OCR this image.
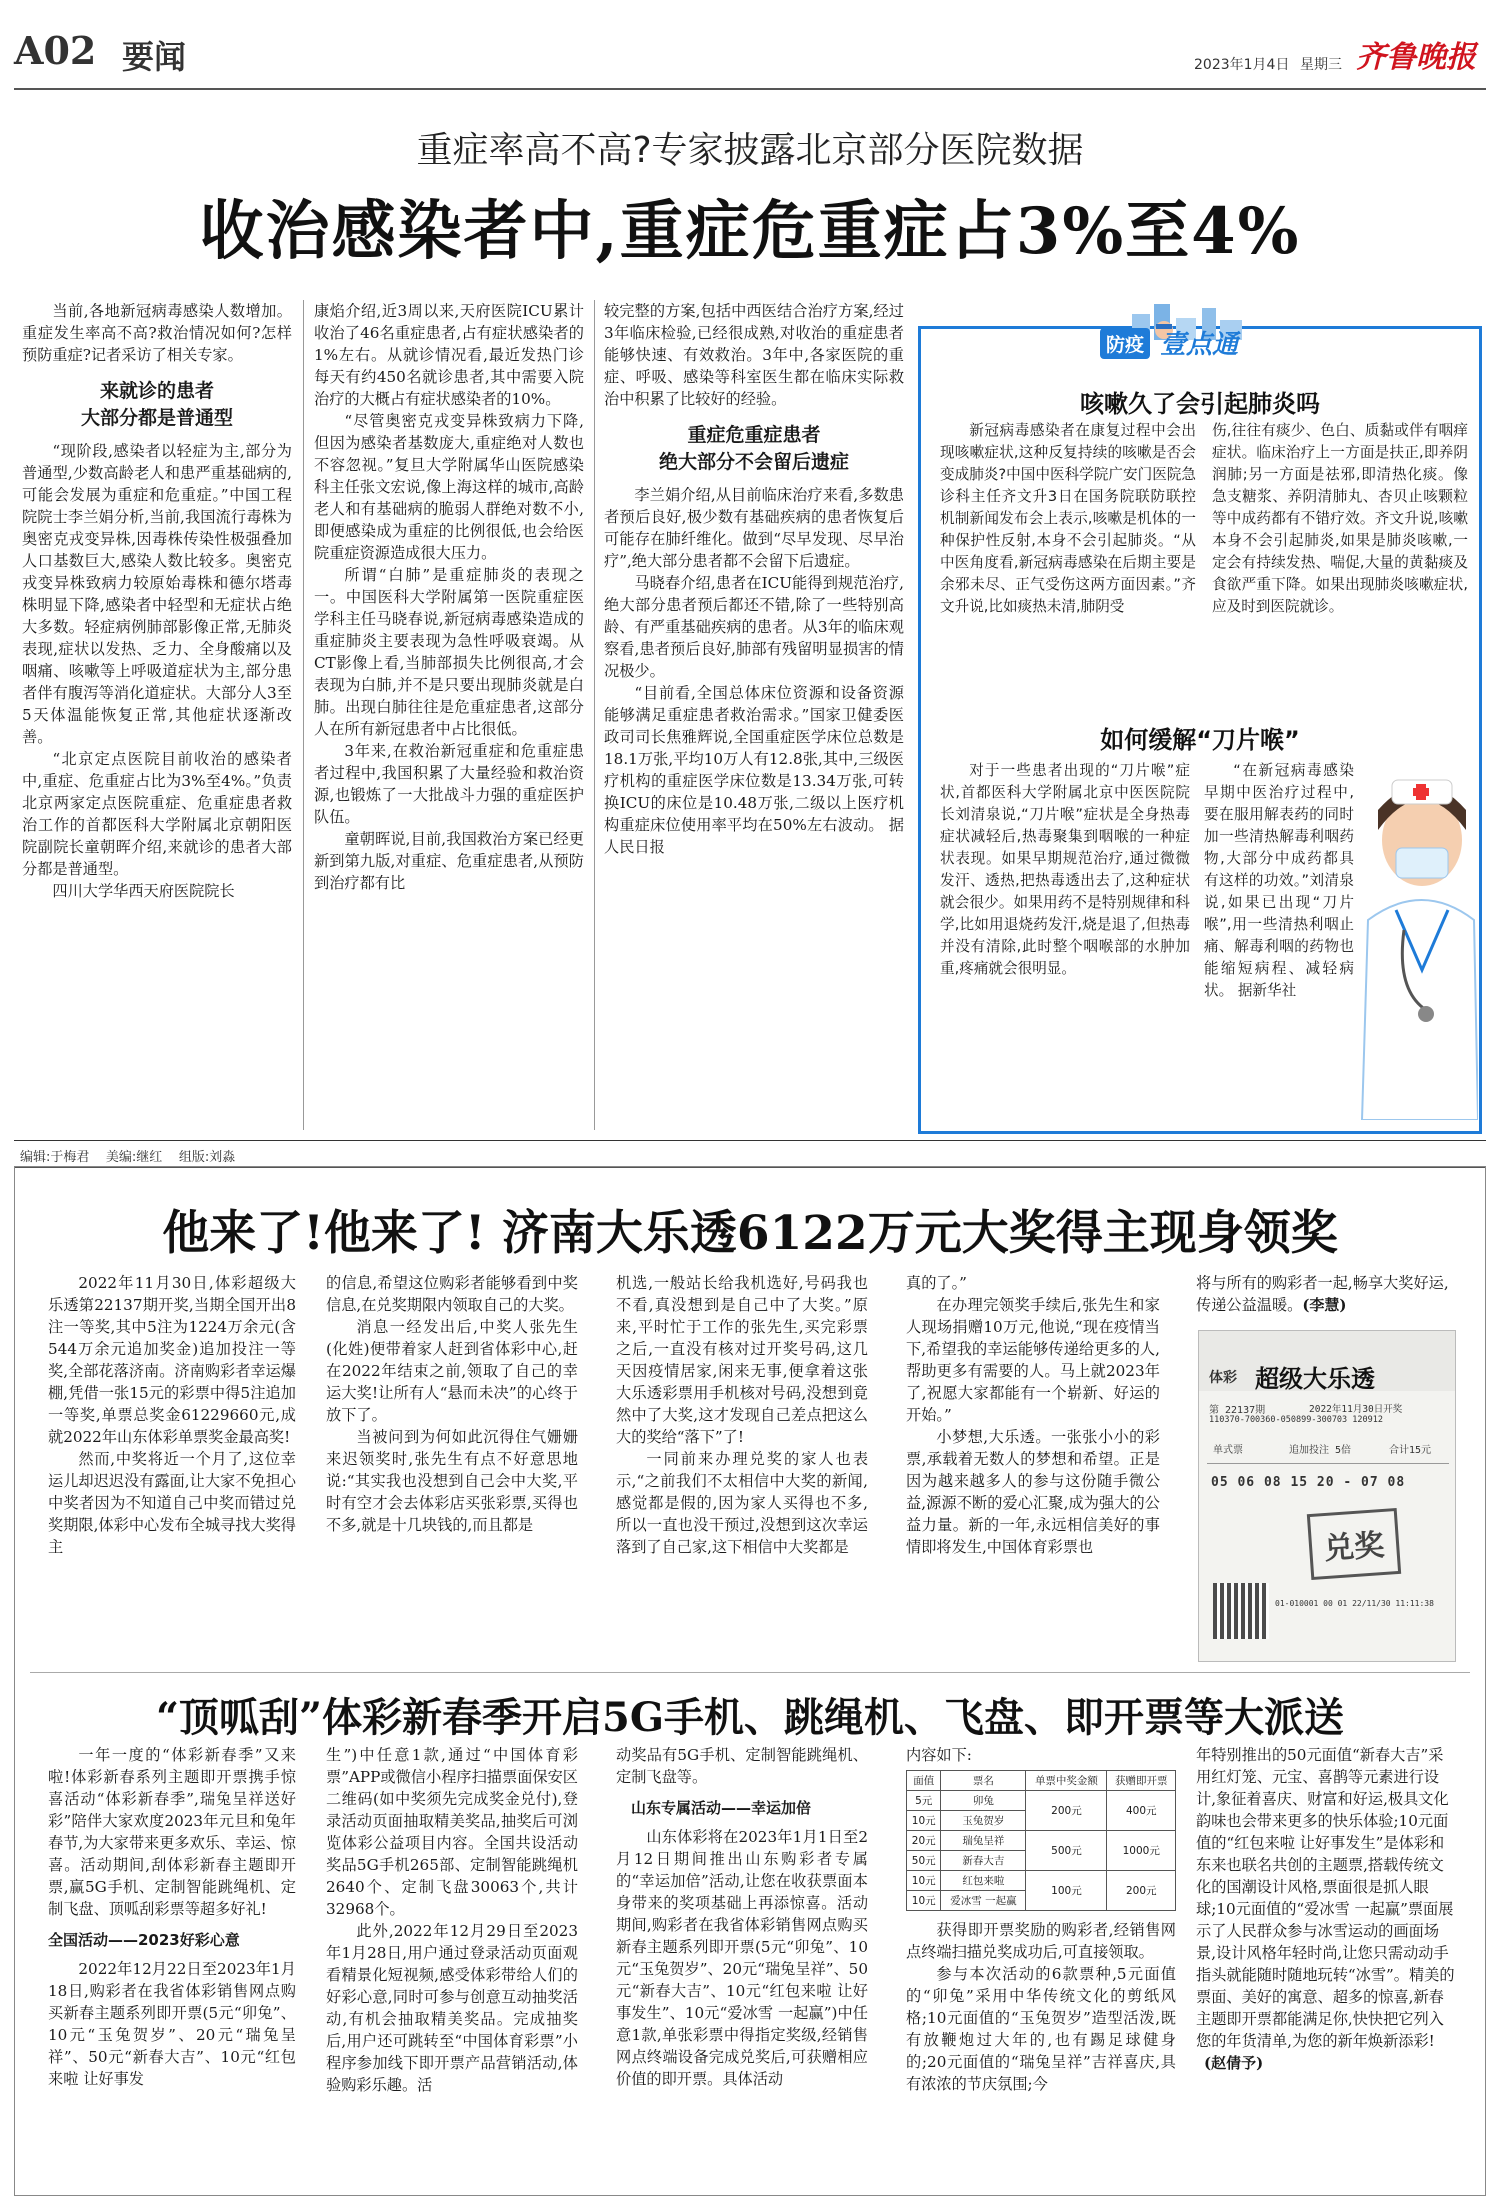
A02 要闻	2023年1月4日 星期三 齐鲁晚报
重症率高不高?专家披露北京部分医院数据
收治感染者中,重症危重症占3%至4%

当前,各地新冠病毒感染人数增加。重症发生率高不高?救治情况如何?怎样预防重症?记者采访了相关专家。

来就诊的患者
大部分都是普通型

“现阶段,感染者以轻症为主,部分为普通型,少数高龄老人和患严重基础病的,可能会发展为重症和危重症。”中国工程院院士李兰娟分析,当前,我国流行毒株为奥密克戎变异株,因毒株传染性极强叠加人口基数巨大,感染人数比较多。奥密克戎变异株致病力较原始毒株和德尔塔毒株明显下降,感染者中轻型和无症状占绝大多数。轻症病例肺部影像正常,无肺炎表现,症状以发热、乏力、全身酸痛以及咽痛、咳嗽等上呼吸道症状为主,部分患者伴有腹泻等消化道症状。大部分人3至5天体温能恢复正常,其他症状逐渐改善。

“北京定点医院目前收治的感染者中,重症、危重症占比为3%至4%。”负责北京两家定点医院重症、危重症患者救治工作的首都医科大学附属北京朝阳医院副院长童朝晖介绍,来就诊的患者大部分都是普通型。

四川大学华西天府医院院长

康焰介绍,近3周以来,天府医院ICU累计收治了46名重症患者,占有症状感染者的1%左右。从就诊情况看,最近发热门诊每天有约450名就诊患者,其中需要入院治疗的大概占有症状感染者的10%。

“尽管奥密克戎变异株致病力下降,但因为感染者基数庞大,重症绝对人数也不容忽视。”复旦大学附属华山医院感染科主任张文宏说,像上海这样的城市,高龄老人和有基础病的脆弱人群绝对数不小,即便感染成为重症的比例很低,也会给医院重症资源造成很大压力。

所谓“白肺”是重症肺炎的表现之一。中国医科大学附属第一医院重症医学科主任马晓春说,新冠病毒感染造成的重症肺炎主要表现为急性呼吸衰竭。从CT影像上看,当肺部损失比例很高,才会表现为白肺,并不是只要出现肺炎就是白肺。出现白肺往往是危重症患者,这部分人在所有新冠患者中占比很低。

3年来,在救治新冠重症和危重症患者过程中,我国积累了大量经验和救治资源,也锻炼了一大批战斗力强的重症医护队伍。

童朝晖说,目前,我国救治方案已经更新到第九版,对重症、危重症患者,从预防到治疗都有比

较完整的方案,包括中西医结合治疗方案,经过3年临床检验,已经很成熟,对收治的重症患者能够快速、有效救治。3年中,各家医院的重症、呼吸、感染等科室医生都在临床实际救治中积累了比较好的经验。

重症危重症患者
绝大部分不会留后遗症

李兰娟介绍,从目前临床治疗来看,多数患者预后良好,极少数有基础疾病的患者恢复后可能存在肺纤维化。做到“尽早发现、尽早治疗”,绝大部分患者都不会留下后遗症。

马晓春介绍,患者在ICU能得到规范治疗,绝大部分患者预后都还不错,除了一些特别高龄、有严重基础疾病的患者。从3年的临床观察看,患者预后良好,肺部有残留明显损害的情况极少。

“目前看,全国总体床位资源和设备资源能够满足重症患者救治需求。”国家卫健委医政司司长焦雅辉说,全国重症医学床位总数是18.1万张,平均10万人有12.8张,其中,三级医疗机构的重症医学床位数是13.34万张,可转换ICU的床位是10.48万张,二级以上医疗机构重症床位使用率平均在50%左右波动。 据人民日报

防疫 壹点通
咳嗽久了会引起肺炎吗

新冠病毒感染者在康复过程中会出现咳嗽症状,这种反复持续的咳嗽是否会变成肺炎?中国中医科学院广安门医院急诊科主任齐文升3日在国务院联防联控机制新闻发布会上表示,咳嗽是机体的一种保护性反射,本身不会引起肺炎。“从中医角度看,新冠病毒感染在后期主要是余邪未尽、正气受伤这两方面因素。”齐文升说,比如痰热未清,肺阴受

伤,往往有痰少、色白、质黏或伴有咽痒症状。临床治疗上一方面是扶正,即养阴润肺;另一方面是祛邪,即清热化痰。像急支糖浆、养阴清肺丸、杏贝止咳颗粒等中成药都有不错疗效。齐文升说,咳嗽本身不会引起肺炎,如果是肺炎咳嗽,一定会有持续发热、喘促,大量的黄黏痰及食欲严重下降。如果出现肺炎咳嗽症状,应及时到医院就诊。

如何缓解“刀片喉”

对于一些患者出现的“刀片喉”症状,首都医科大学附属北京中医医院院长刘清泉说,“刀片喉”症状是全身热毒症状减轻后,热毒聚集到咽喉的一种症状表现。如果早期规范治疗,通过微微发汗、透热,把热毒透出去了,这种症状就会很少。如果用药不是特别规律和科学,比如用退烧药发汗,烧是退了,但热毒并没有清除,此时整个咽喉部的水肿加重,疼痛就会很明显。

“在新冠病毒感染早期中医治疗过程中,要在服用解表药的同时加一些清热解毒利咽药物,大部分中成药都具有这样的功效。”刘清泉说,如果已出现“刀片喉”,用一些清热利咽止痛、解毒利咽的药物也能缩短病程、减轻病状。 据新华社

编辑:于梅君 美编:继红 组版:刘淼
他来了!他来了! 济南大乐透6122万元大奖得主现身领奖

2022年11月30日,体彩超级大乐透第22137期开奖,当期全国开出8注一等奖,其中5注为1224万余元(含544万余元追加奖金)追加投注一等奖,全部花落济南。济南购彩者幸运爆棚,凭借一张15元的彩票中得5注追加一等奖,单票总奖金61229660元,成就2022年山东体彩单票奖金最高奖!

然而,中奖将近一个月了,这位幸运儿却迟迟没有露面,让大家不免担心中奖者因为不知道自己中奖而错过兑奖期限,体彩中心发布全城寻找大奖得主

的信息,希望这位购彩者能够看到中奖信息,在兑奖期限内领取自己的大奖。

消息一经发出后,中奖人张先生(化姓)便带着家人赶到省体彩中心,赶在2022年结束之前,领取了自己的幸运大奖!让所有人“悬而未决”的心终于放下了。

当被问到为何如此沉得住气姗姗来迟领奖时,张先生有点不好意思地说:“其实我也没想到自己会中大奖,平时有空才会去体彩店买张彩票,买得也不多,就是十几块钱的,而且都是

机选,一般站长给我机选好,号码我也不看,真没想到是自己中了大奖。”原来,平时忙于工作的张先生,买完彩票之后,一直没有核对过开奖号码,这几天因疫情居家,闲来无事,便拿着这张大乐透彩票用手机核对号码,没想到竟然中了大奖,这才发现自己差点把这么大的奖给“落下”了!

一同前来办理兑奖的家人也表示,“之前我们不太相信中大奖的新闻,感觉都是假的,因为家人买得也不多,所以一直也没干预过,没想到这次幸运落到了自己家,这下相信中大奖都是

真的了。”

在办理完领奖手续后,张先生和家人现场捐赠10万元,他说,“现在疫情当下,希望我的幸运能够传递给更多的人,帮助更多有需要的人。马上就2023年了,祝愿大家都能有一个崭新、好运的开始。”

小梦想,大乐透。一张张小小的彩票,承载着无数人的梦想和希望。正是因为越来越多人的参与这份随手微公益,源源不断的爱心汇聚,成为强大的公益力量。新的一年,永远相信美好的事情即将发生,中国体育彩票也

将与所有的购彩者一起,畅享大奖好运,传递公益温暖。

(李慧)
体彩 超级大乐透
第 22137期	2022年11月30日开奖
110370-700360-050899-300703 120912
单式票	追加投注 5倍	合计15元
05 06 08 15 20 - 07 08
兑奖
01-010001 00 01 22/11/30 11:11:38
“顶呱刮”体彩新春季开启5G手机、跳绳机、飞盘、即开票等大派送

一年一度的“体彩新春季”又来啦!体彩新春系列主题即开票携手惊喜活动“体彩新春季”,瑞兔呈祥送好彩”陪伴大家欢度2023年元旦和兔年春节,为大家带来更多欢乐、幸运、惊喜。活动期间,刮体彩新春主题即开票,赢5G手机、定制智能跳绳机、定制飞盘、顶呱刮彩票等超多好礼!

全国活动——2023好彩心意

2022年12月22日至2023年1月18日,购彩者在我省体彩销售网点购买新春主题系列即开票(5元“卯兔”、10元“玉兔贺岁”、20元“瑞兔呈祥”、50元“新春大吉”、10元“红包来啦 让好事发

生”)中任意1款,通过“中国体育彩票”APP或微信小程序扫描票面保安区二维码(如中奖须先完成奖金兑付),登录活动页面抽取精美奖品,抽奖后可浏览体彩公益项目内容。全国共设活动奖品5G手机265部、定制智能跳绳机2640个、定制飞盘30063个,共计32968个。

此外,2022年12月29日至2023年1月28日,用户通过登录活动页面观看精景化短视频,感受体彩带给人们的好彩心意,同时可参与创意互动抽奖活动,有机会抽取精美奖品。完成抽奖后,用户还可跳转至“中国体育彩票”小程序参加线下即开票产品营销活动,体验购彩乐趣。活

动奖品有5G手机、定制智能跳绳机、定制飞盘等。

山东专属活动——幸运加倍

山东体彩将在2023年1月1日至2月12日期间推出山东购彩者专属的“幸运加倍”活动,让您在收获票面本身带来的奖项基础上再添惊喜。活动期间,购彩者在我省体彩销售网点购买新春主题系列即开票(5元“卯兔”、10元“玉兔贺岁”、20元“瑞兔呈祥”、50元“新春大吉”、10元“红包来啦 让好事发生”、10元“爱冰雪 一起赢”)中任意1款,单张彩票中得指定奖级,经销售网点终端设备完成兑奖后,可获赠相应价值的即开票。具体活动

内容如下:

面值	票名	单票中奖金额	获赠即开票
5元	卯兔	200元	400元
10元	玉兔贺岁		
20元	瑞兔呈祥	500元	1000元
50元	新春大吉		
10元	红包来啦	100元	200元
10元	爱冰雪 一起赢		

获得即开票奖励的购彩者,经销售网点终端扫描兑奖成功后,可直接领取。

参与本次活动的6款票种,5元面值的“卯兔”采用中华传统文化的剪纸风格;10元面值的“玉兔贺岁”造型活泼,既有放鞭炮过大年的,也有踢足球健身的;20元面值的“瑞兔呈祥”吉祥喜庆,具有浓浓的节庆氛围;今

年特别推出的50元面值“新春大吉”采用红灯笼、元宝、喜鹊等元素进行设计,象征着喜庆、财富和好运,极具文化韵味也会带来更多的快乐体验;10元面值的“红包来啦 让好事发生”是体彩和东来也联名共创的主题票,搭载传统文化的国潮设计风格,票面很是抓人眼球;10元面值的“爱冰雪 一起赢”票面展示了人民群众参与冰雪运动的画面场景,设计风格年轻时尚,让您只需动动手指头就能随时随地玩转“冰雪”。精美的票面、美好的寓意、超多的惊喜,新春主题即开票都能满足你,快快把它列入您的年货清单,为您的新年焕新添彩!

(赵倩予)
